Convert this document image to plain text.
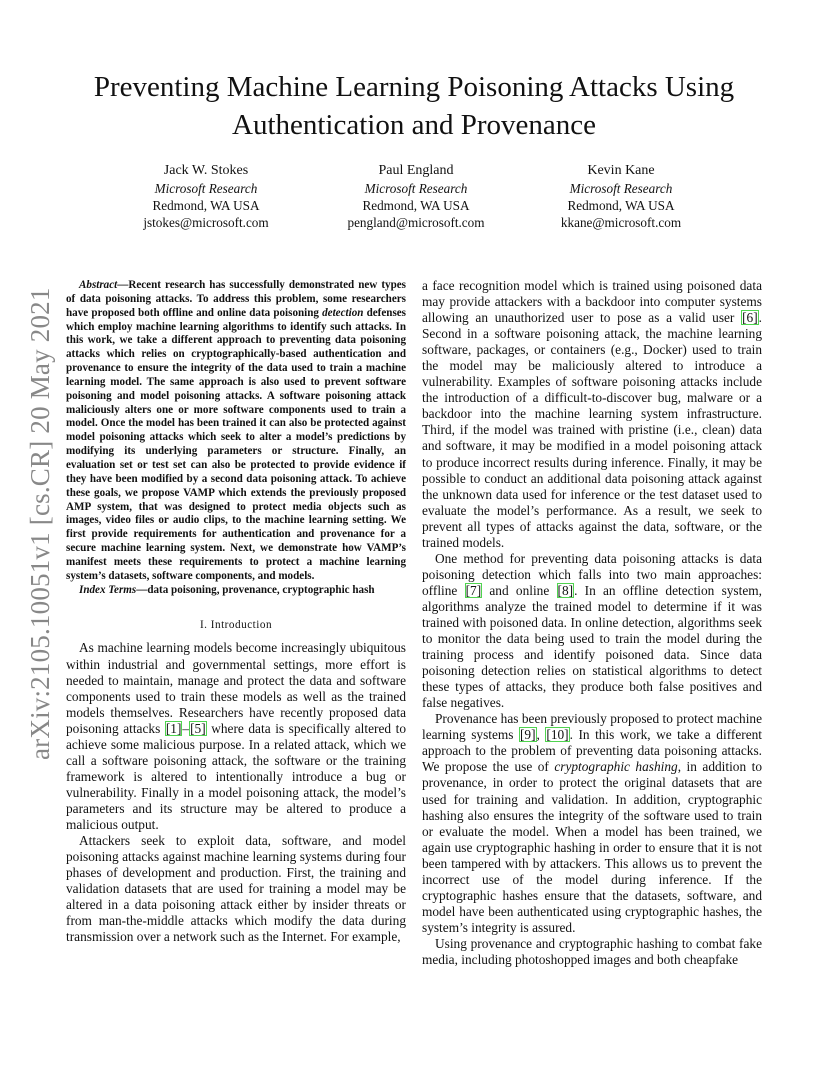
Preventing Machine Learning Poisoning Attacks Using Authentication and Provenance
Jack W. Stokes
Microsoft Research
Redmond, WA USA
jstokes@microsoft.com
Paul England
Microsoft Research
Redmond, WA USA
pengland@microsoft.com
Kevin Kane
Microsoft Research
Redmond, WA USA
kkane@microsoft.com
arXiv:2105.10051v1 [cs.CR] 20 May 2021

Abstract—Recent research has successfully demonstrated new types of data poisoning attacks. To address this problem, some researchers have proposed both offline and online data poisoning detection defenses which employ machine learning algorithms to identify such attacks. In this work, we take a different approach to preventing data poisoning attacks which relies on cryptographically-based authentication and provenance to ensure the integrity of the data used to train a machine learning model. The same approach is also used to prevent software poisoning and model poisoning attacks. A software poisoning attack maliciously alters one or more software components used to train a model. Once the model has been trained it can also be protected against model poisoning attacks which seek to alter a model’s predictions by modifying its underlying parameters or structure. Finally, an evaluation set or test set can also be protected to provide evidence if they have been modified by a second data poisoning attack. To achieve these goals, we propose VAMP which extends the previously proposed AMP system, that was designed to protect media objects such as images, video files or audio clips, to the machine learning setting. We first provide requirements for authentication and provenance for a secure machine learning system. Next, we demonstrate how VAMP’s manifest meets these requirements to protect a machine learning system’s datasets, software components, and models.

Index Terms—data poisoning, provenance, cryptographic hash

I. Introduction

As machine learning models become increasingly ubiquitous within industrial and governmental settings, more effort is needed to maintain, manage and protect the data and software components used to train these models as well as the trained models themselves. Researchers have recently proposed data poisoning attacks [1]–[5] where data is specifically altered to achieve some malicious purpose. In a related attack, which we call a software poisoning attack, the software or the training framework is altered to intentionally introduce a bug or vulnerability. Finally in a model poisoning attack, the model’s parameters and its structure may be altered to produce a malicious output.

Attackers seek to exploit data, software, and model poisoning attacks against machine learning systems during four phases of development and production. First, the training and validation datasets that are used for training a model may be altered in a data poisoning attack either by insider threats or from man-the-middle attacks which modify the data during transmission over a network such as the Internet. For example,

a face recognition model which is trained using poisoned data may provide attackers with a backdoor into computer systems allowing an unauthorized user to pose as a valid user [6]. Second in a software poisoning attack, the machine learning software, packages, or containers (e.g., Docker) used to train the model may be maliciously altered to introduce a vulnerability. Examples of software poisoning attacks include the introduction of a difficult-to-discover bug, malware or a backdoor into the machine learning system infrastructure. Third, if the model was trained with pristine (i.e., clean) data and software, it may be modified in a model poisoning attack to produce incorrect results during inference. Finally, it may be possible to conduct an additional data poisoning attack against the unknown data used for inference or the test dataset used to evaluate the model’s performance. As a result, we seek to prevent all types of attacks against the data, software, or the trained models.

One method for preventing data poisoning attacks is data poisoning detection which falls into two main approaches: offline [7] and online [8]. In an offline detection system, algorithms analyze the trained model to determine if it was trained with poisoned data. In online detection, algorithms seek to monitor the data being used to train the model during the training process and identify poisoned data. Since data poisoning detection relies on statistical algorithms to detect these types of attacks, they produce both false positives and false negatives.

Provenance has been previously proposed to protect machine learning systems [9], [10]. In this work, we take a different approach to the problem of preventing data poisoning attacks. We propose the use of cryptographic hashing, in addition to provenance, in order to protect the original datasets that are used for training and validation. In addition, cryptographic hashing also ensures the integrity of the software used to train or evaluate the model. When a model has been trained, we again use cryptographic hashing in order to ensure that it is not been tampered with by attackers. This allows us to prevent the incorrect use of the model during inference. If the cryptographic hashes ensure that the datasets, software, and model have been authenticated using cryptographic hashes, the system’s integrity is assured.

Using provenance and cryptographic hashing to combat fake media, including photoshopped images and both cheapfake
